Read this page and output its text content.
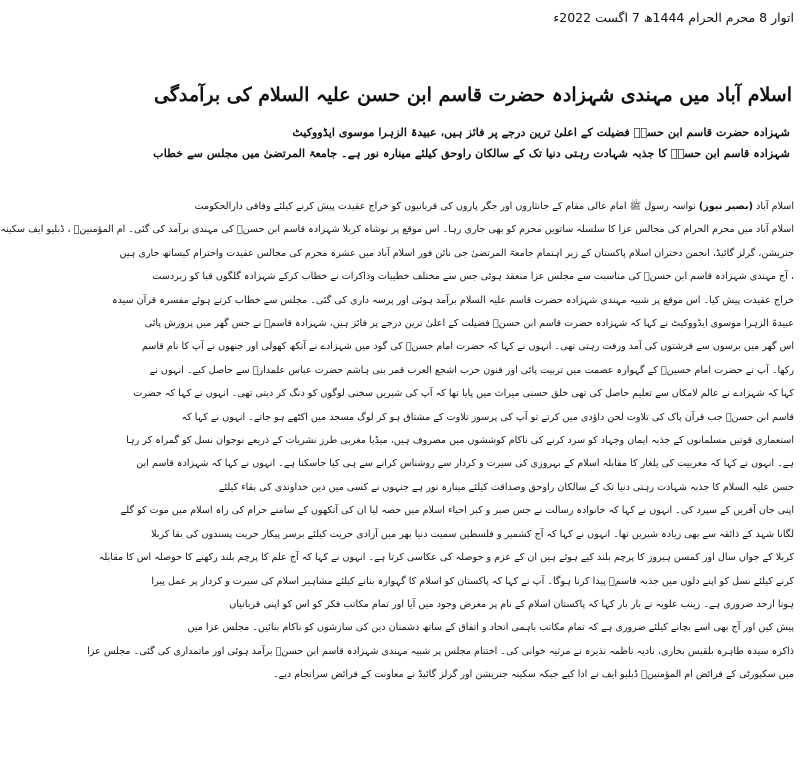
اتوار 8 محرم الحرام 1444ھ 7 اگست 2022ء
اسلام آباد میں مہندی شہزادہ حضرت قاسم ابن حسن علیہ السلام کی برآمدگی
شہزادہ حضرت قاسم ابن حسنؑ فضیلت کے اعلیٰ ترین درجے پر فائز ہیں، عبیدۃ الزہرا موسوی ایڈووکیٹ
شہزادہ قاسم ابن حسنؑ کا جذبہ شہادت رہتی دنیا تک کے سالکان راوحق کیلئے مینارہ نور ہے۔ جامعۃ المرتضیٰ میں مجلس سے خطاب
اسلام آباد (بصیر نیوز) نواسہ رسول ﷺ امام عالی مقام کے جانثاروں اور جگر پاروں کی قربانیوں کو خراج عقیدت پیش کرنے کیلئے وفاقی دارالحکومت
اسلام آباد میں محرم الحرام کی مجالس عزا کا سلسلہ ساتویں محرم کو بھی جاری رہا۔ اس موقع پر نوشاہ کربلا شہزادہ قاسم ابن حسنؑ کی مہندی برآمد کی گئی۔ ام المؤمنینؑ ، ڈبلیو ایف سکینہ
جنریشن، گرلز گائیڈ، انجمن دختران اسلام پاکستان کے زیر اہتمام جامعۃ المرتضیٰ جی نائن فور اسلام آباد میں عشرہ محرم کی مجالس عقیدت واحترام کیساتھ جاری ہیں
، آج مہندی شہزادہ قاسم ابن حسنؑ کی مناسبت سے مجلس عزا منعقد ہوئی جس سے مختلف خطیبات وذاکرات نے خطاب کرکے شہزادہ گلگوں قبا کو زبردست
خراج عقیدت پیش کیا۔ اس موقع پر شبیہ مہندی شہزادہ حضرت قاسم علیہ السلام برآمد ہوئی اور پرسہ داری کی گئی۔ مجلس سے خطاب کرتے ہوئے مفسرہ قرآن سیدہ
عبیدۃ الزہرا موسوی ایڈووکیٹ نے کہا کہ شہزادہ حضرت قاسم ابن حسنؑ فضیلت کے اعلیٰ ترین درجے پر فائز ہیں، شہزادہ قاسمؑ نے جس گھر میں پرورش پائی
اس گھر میں برسوں سے فرشتوں کی آمد ورفت رہتی تھی۔ انہوں نے کہا کہ حضرت امام حسنؑ کی گود میں شہزادے نے آنکھ کھولی اور جنھوں نے آپ کا نام قاسم
رکھا۔ آپ نے حضرت امام حسینؑ کے گہوارہ عصمت میں تربیت پائی اور فنون حرب اشجع العرب قمر بنی ہاشم حضرت عباس علمدارؑ سے حاصل کیے۔ انہوں نے
کہا کہ شہزادے نے عالم لامکاں سے تعلیم حاصل کی تھی خلق حسنی میراث میں پایا تھا کہ آپ کی شیریں سخنی لوگوں کو دنگ کر دیتی تھی۔ انہوں نے کہا کہ حضرت
قاسم ابن حسنؑ جب قرآن پاک کی تلاوت لحن داؤدی میں کرتے تو آپ کی پرسوز تلاوت کے مشتاق ہو کر لوگ مسجد میں اکٹھے ہو جاتے۔ انہوں نے کہا کہ
استعماری قوتیں مسلمانوں کے جذبہ ایمان وجہاد کو سرد کرنے کی ناکام کوششوں میں مصروف ہیں، میڈیا مغربی طرز نشریات کے ذریعے نوجوان نسل کو گمراہ کر رہا
ہے۔ انہوں نے کہا کہ مغربیت کی یلغار کا مقابلہ اسلام کے بہروزی کی سیرت و کردار سے روشناس کرانے سے ہی کیا جاسکتا ہے۔ انہوں نے کہا کہ شہزادہ قاسم ابن
حسن علیہ السلام کا جذبہ شہادت رہتی دنیا تک کے سالکان راوحق وصداقت کیلئے مینارہ نور ہے جنہوں نے کسی میں دین خداوندی کی بقاء کیلئے
اپنی جان آفریں کے سپرد کی۔ انہوں نے کہا کہ خانوادہ رسالت نے جس صبر و کبر احیاء اسلام میں حصہ لیا ان کی آنکھوں کے سامنے حرام کی راہ اسلام میں موت کو گلے
لگانا شہد کے ذائقہ سے بھی زیادہ شیریں تھا۔ انہوں نے کہا کہ آج کشمیر و فلسطین سمیت دنیا بھر میں آزادی حریت کیلئے برسر پیکار حریت پسندوں کی بقا کربلا
کربلا کے جواں سال اور کمسن ہیروز کا پرچم بلند کیے ہوئے ہیں ان کے عزم و حوصلہ کی عکاسی کرتا ہے۔ انہوں نے کہا کہ آج علم کا پرچم بلند رکھنے کا حوصلہ اس کا مقابلہ
کرنے کیلئے نسل کو اپنے دلوں میں جذبہ قاسمؑ پیدا کرنا ہوگا۔ آپ نے کہا کہ پاکستان کو اسلام کا گہوارہ بنانے کیلئے مشاہیر اسلام کی سیرت و کردار پر عمل پیرا
ہونا ازحد ضروری ہے۔ زینب علویہ نے بار بار کہا کہ پاکستان اسلام کے نام پر معرض وجود میں آیا اور تمام مکاتب فکر کو اس کو اپنی قربانیاں
پیش کیں اور آج بھی اسے بچانے کیلئے ضروری ہے کہ تمام مکاتب باہمی اتحاد و اتفاق کے ساتھ دشمنان دین کی سازشوں کو ناکام بنائیں۔ مجلس عزا میں
ذاکرہ سیدہ طاہرہ بلقیس بخاری، نادیہ ناظمہ نذیرہ نے مرثیہ خوانی کی۔ اختتام مجلس پر شبیہ مہندی شہزادہ قاسم ابن حسنؑ برآمد ہوئی اور ماتمداری کی گئی۔ مجلس عزا
میں سکیورٹی کے فرائض ام المؤمنینؑ ڈبلیو ایف نے ادا کیے جبکہ سکینہ جنریشن اور گرلز گائیڈ نے معاونت کے فرائض سرانجام دیے۔
